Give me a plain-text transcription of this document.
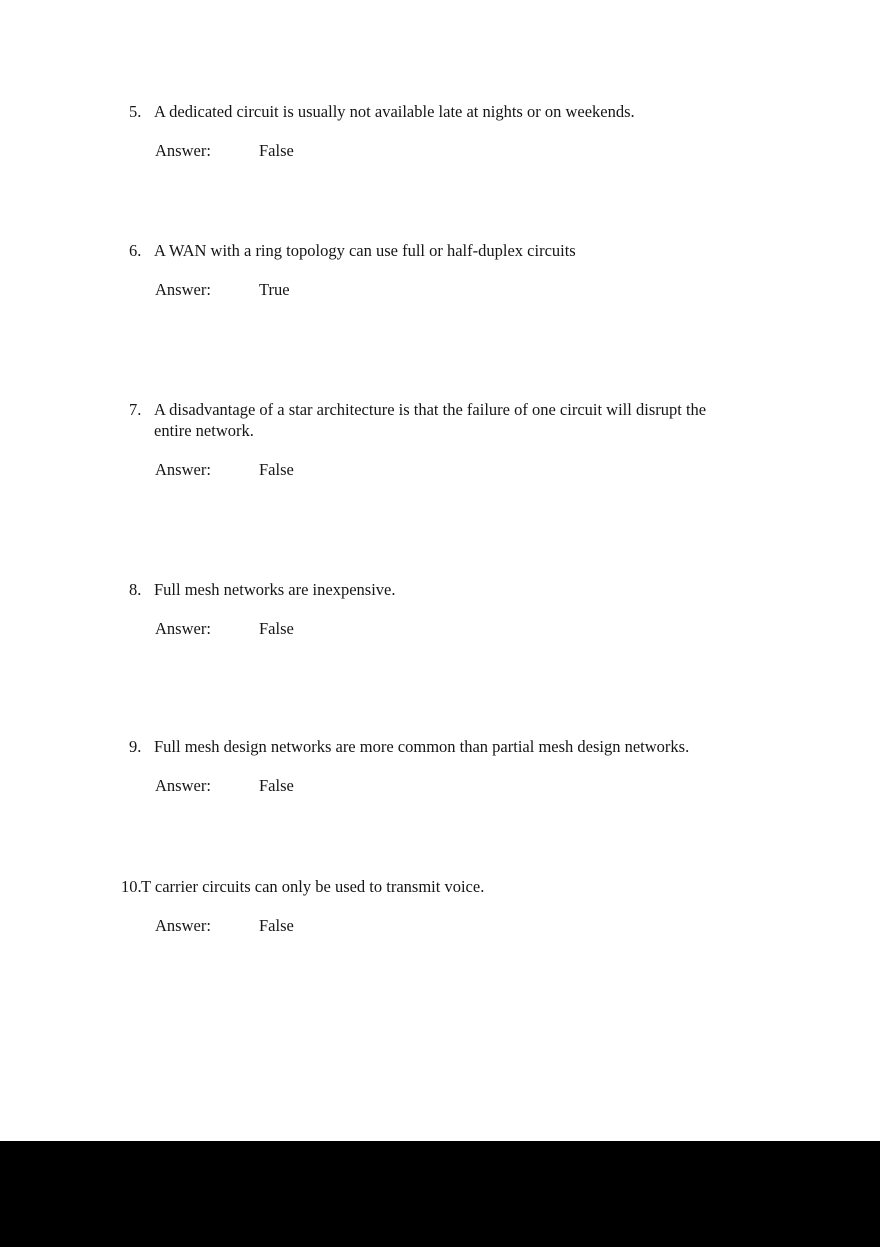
5. A dedicated circuit is usually not available late at nights or on weekends.
Answer:	False
6. A WAN with a ring topology can use full or half-duplex circuits
Answer:	True
7. A disadvantage of a star architecture is that the failure of one circuit will disrupt the entire network.
Answer:	False
8. Full mesh networks are inexpensive.
Answer:	False
9. Full mesh design networks are more common than partial mesh design networks.
Answer:	False
10. T carrier circuits can only be used to transmit voice.
Answer:	False
